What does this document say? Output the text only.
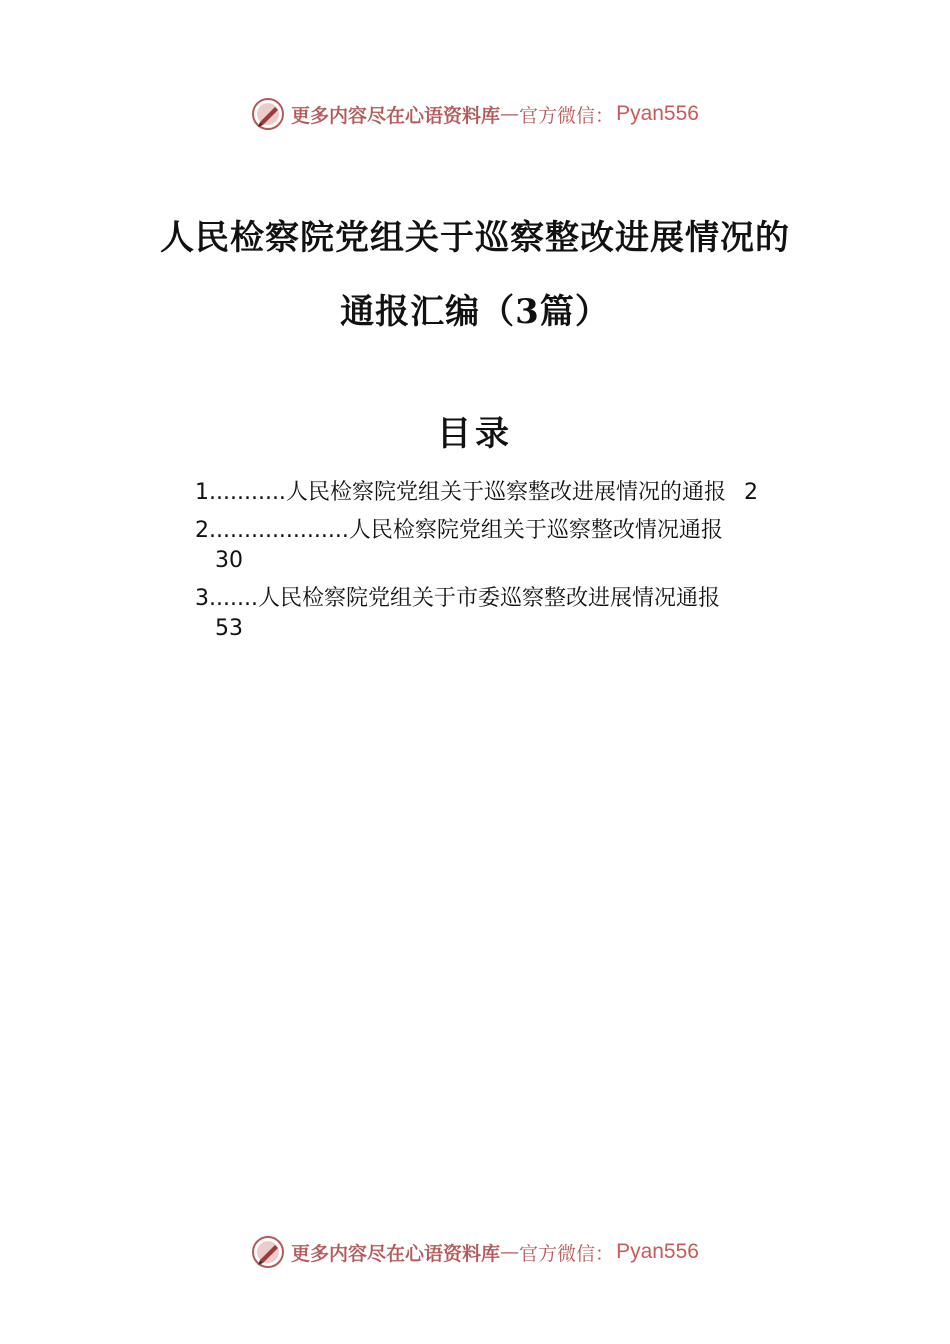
更多内容尽在心语资料库 — 官方微信： Pyan556
人民检察院党组关于巡察整改进展情况的
通报汇编（3篇）
目录
1 ........... 人民检察院党组关于巡察整改进展情况的通报 2
2 .................... 人民检察院党组关于巡察整改情况通报
30
3 ....... 人民检察院党组关于市委巡察整改进展情况通报
53
更多内容尽在心语资料库 — 官方微信： Pyan556
